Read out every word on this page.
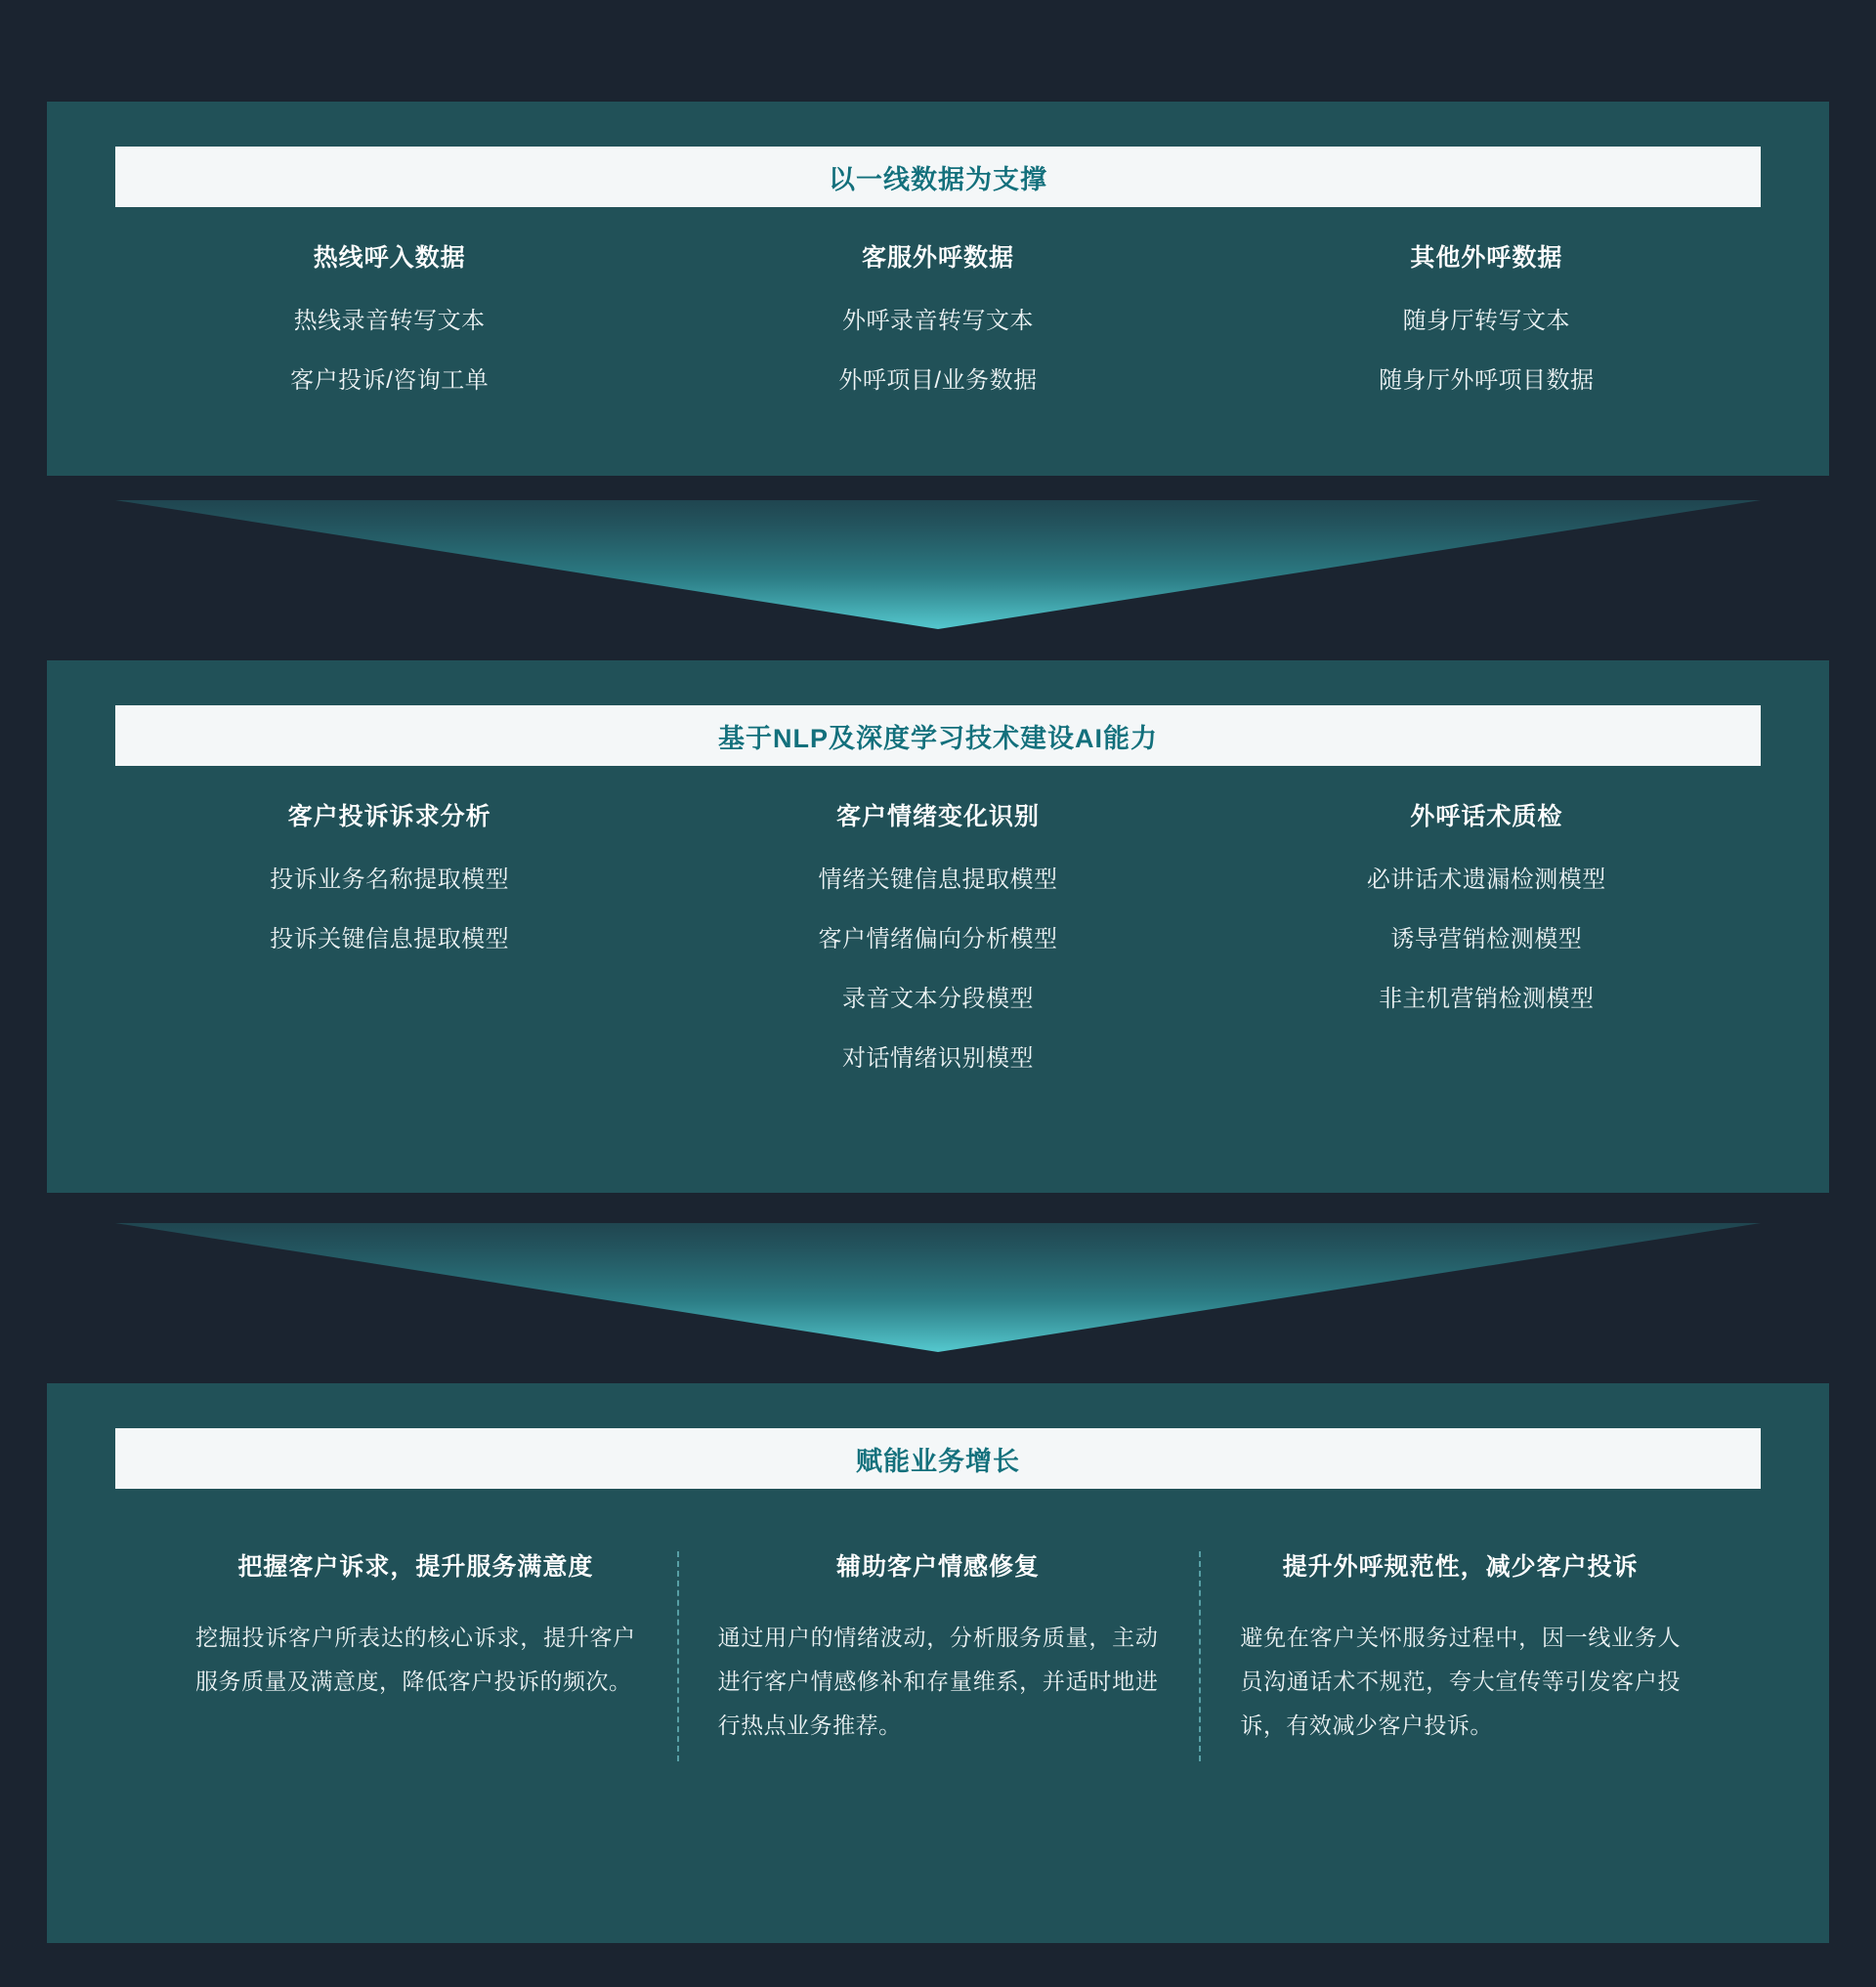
以一线数据为支撑
热线呼入数据
热线录音转写文本
客户投诉/咨询工单
客服外呼数据
外呼录音转写文本
外呼项目/业务数据
其他外呼数据
随身厅转写文本
随身厅外呼项目数据
基于NLP及深度学习技术建设AI能力
客户投诉诉求分析
投诉业务名称提取模型
投诉关键信息提取模型
客户情绪变化识别
情绪关键信息提取模型
客户情绪偏向分析模型
录音文本分段模型
对话情绪识别模型
外呼话术质检
必讲话术遗漏检测模型
诱导营销检测模型
非主机营销检测模型
赋能业务增长
把握客户诉求，提升服务满意度
挖掘投诉客户所表达的核心诉求，提升客户服务质量及满意度，降低客户投诉的频次。
辅助客户情感修复
通过用户的情绪波动，分析服务质量，主动进行客户情感修补和存量维系，并适时地进行热点业务推荐。
提升外呼规范性，减少客户投诉
避免在客户关怀服务过程中，因一线业务人员沟通话术不规范，夸大宣传等引发客户投诉，有效减少客户投诉。
